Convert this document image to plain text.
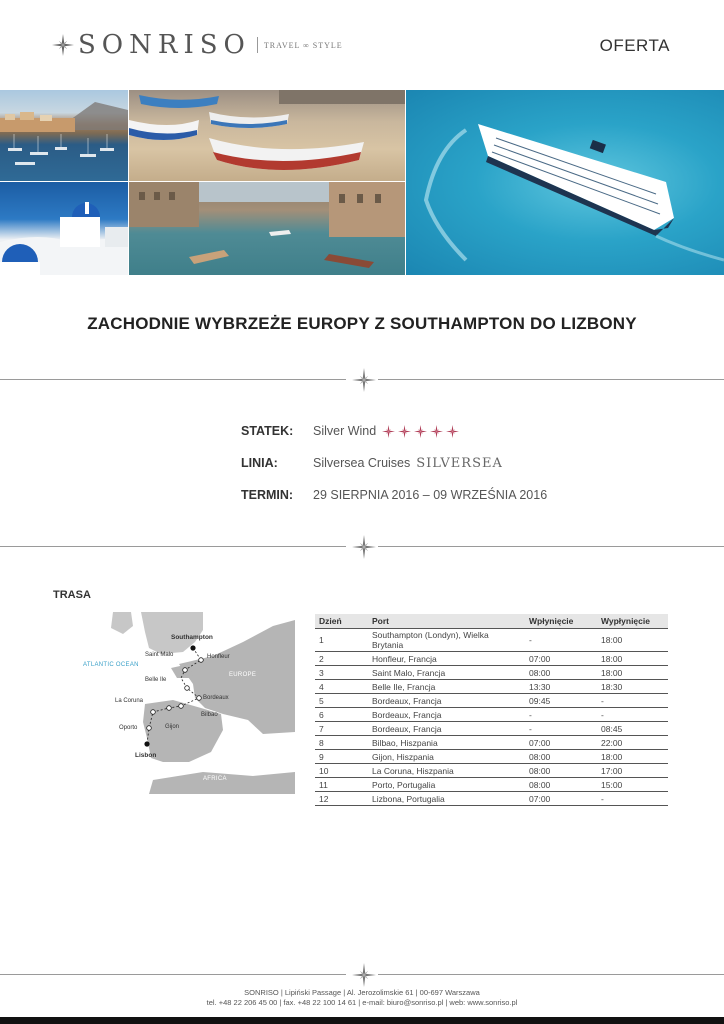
SONRISO TRAVEL ∞ STYLE	OFERTA
ZACHODNIE WYBRZEŻE EUROPY Z SOUTHAMPTON DO LIZBONY
STATEK:	Silver Wind
LINIA:	Silversea Cruises SILVERSEA
TERMIN:	29 SIERPNIA 2016 – 09 WRZEŚNIA 2016
TRASA
ATLANTIC OCEAN
EUROPE
AFRICA
Southampton
Saint Malo	Honfleur
Belle Ile
Bordeaux
La Coruna
Bilbao
Gijon
Oporto
Lisbon
Dzień	Port	Wpłynięcie	Wypłynięcie
1	Southampton (Londyn), Wielka Brytania	-	18:00
2	Honfleur, Francja	07:00	18:00
3	Saint Malo, Francja	08:00	18:00
4	Belle Ile, Francja	13:30	18:30
5	Bordeaux, Francja	09:45	-
6	Bordeaux, Francja	-	-
7	Bordeaux, Francja	-	08:45
8	Bilbao, Hiszpania	07:00	22:00
9	Gijon, Hiszpania	08:00	18:00
10	La Coruna, Hiszpania	08:00	17:00
11	Porto, Portugalia	08:00	15:00
12	Lizbona, Portugalia	07:00	-
SONRISO | Lipiński Passage | Al. Jerozolimskie 61 | 00-697 Warszawa
tel. +48 22 206 45 00 | fax. +48 22 100 14 61 | e-mail: biuro@sonriso.pl | web: www.sonriso.pl
